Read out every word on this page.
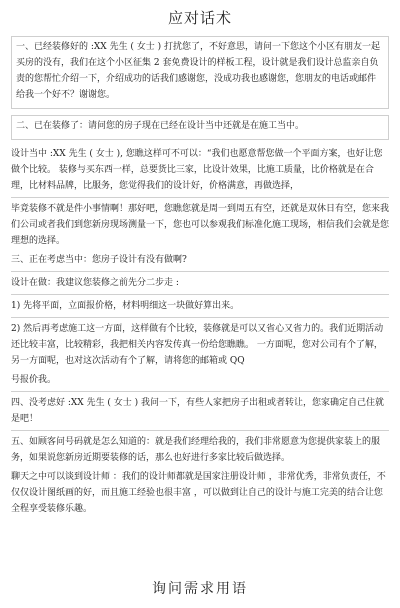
应对话术

一、已经装修好的 :XX 先生 ( 女士 ) 打扰您了，不好意思，请问一下您这个小区有朋友一起买房的没有，我们在这个小区征集 2 套免费设计的样板工程，设计就是我们设计总监亲自负责的您帮忙介绍一下，介绍成功的话我们感谢您，没成功我也感谢您，您朋友的电话或邮件给我一个好不？谢谢您。

二、已在装修了：请问您的房子现在已经在设计当中还就是在施工当中。

设计当中 :XX 先生 ( 女士 ), 您瞧这样可不可以：“我们也愿意帮您做一个平面方案，也好让您做个比较。 装修与买东西一样，总要货比三家，比设计效果，比施工质量，比价格就是在合理，比材料品牌，比服务，您觉得我们的设计好，价格满意，再做选择，

毕竟装修不就是件小事情啊！那好吧，您瞧您就是周一到周五有空，还就是双休日有空，您来我们公司或者我们到您新房现场测量一下，您也可以参观我们标准化施工现场，相信我们会就是您理想的选择。

三、正在考虑当中：您房子设计有没有做啊?

设计在做：我建议您装修之前先分二步走 :

1) 先将平面，立面报价格，材料明细这一块做好算出来。

2) 然后再考虑施工这一方面，这样做有个比较，装修就是可以又省心又省力的。我们近期活动还比较丰富，比较精彩，我把相关内容发传真一份给您瞧瞧。 一方面呢，您对公司有个了解，另一方面呢，也对这次活动有个了解，请将您的邮箱或 QQ

号报价我。

四、没考虑好 :XX 先生 ( 女士 ) 我问一下，有些人家把房子出租或者转让，您家确定自己住就是吧！

五、如顾客问号码就是怎么知道的：就是我们经理给我的，我们非常愿意为您提供家装上的服务，如果说您新房近期要装修的话，那么也好进行多家比较后做选择。

聊天之中可以谈到设计师 ：我们的设计师都就是国家注册设计师 ，非常优秀，非常负责任，不仅仅设计图纸画的好，而且施工经验也很丰富 ，可以做到让自己的设计与施工完美的结合让您全程享受装修乐趣。

询问需求用语
